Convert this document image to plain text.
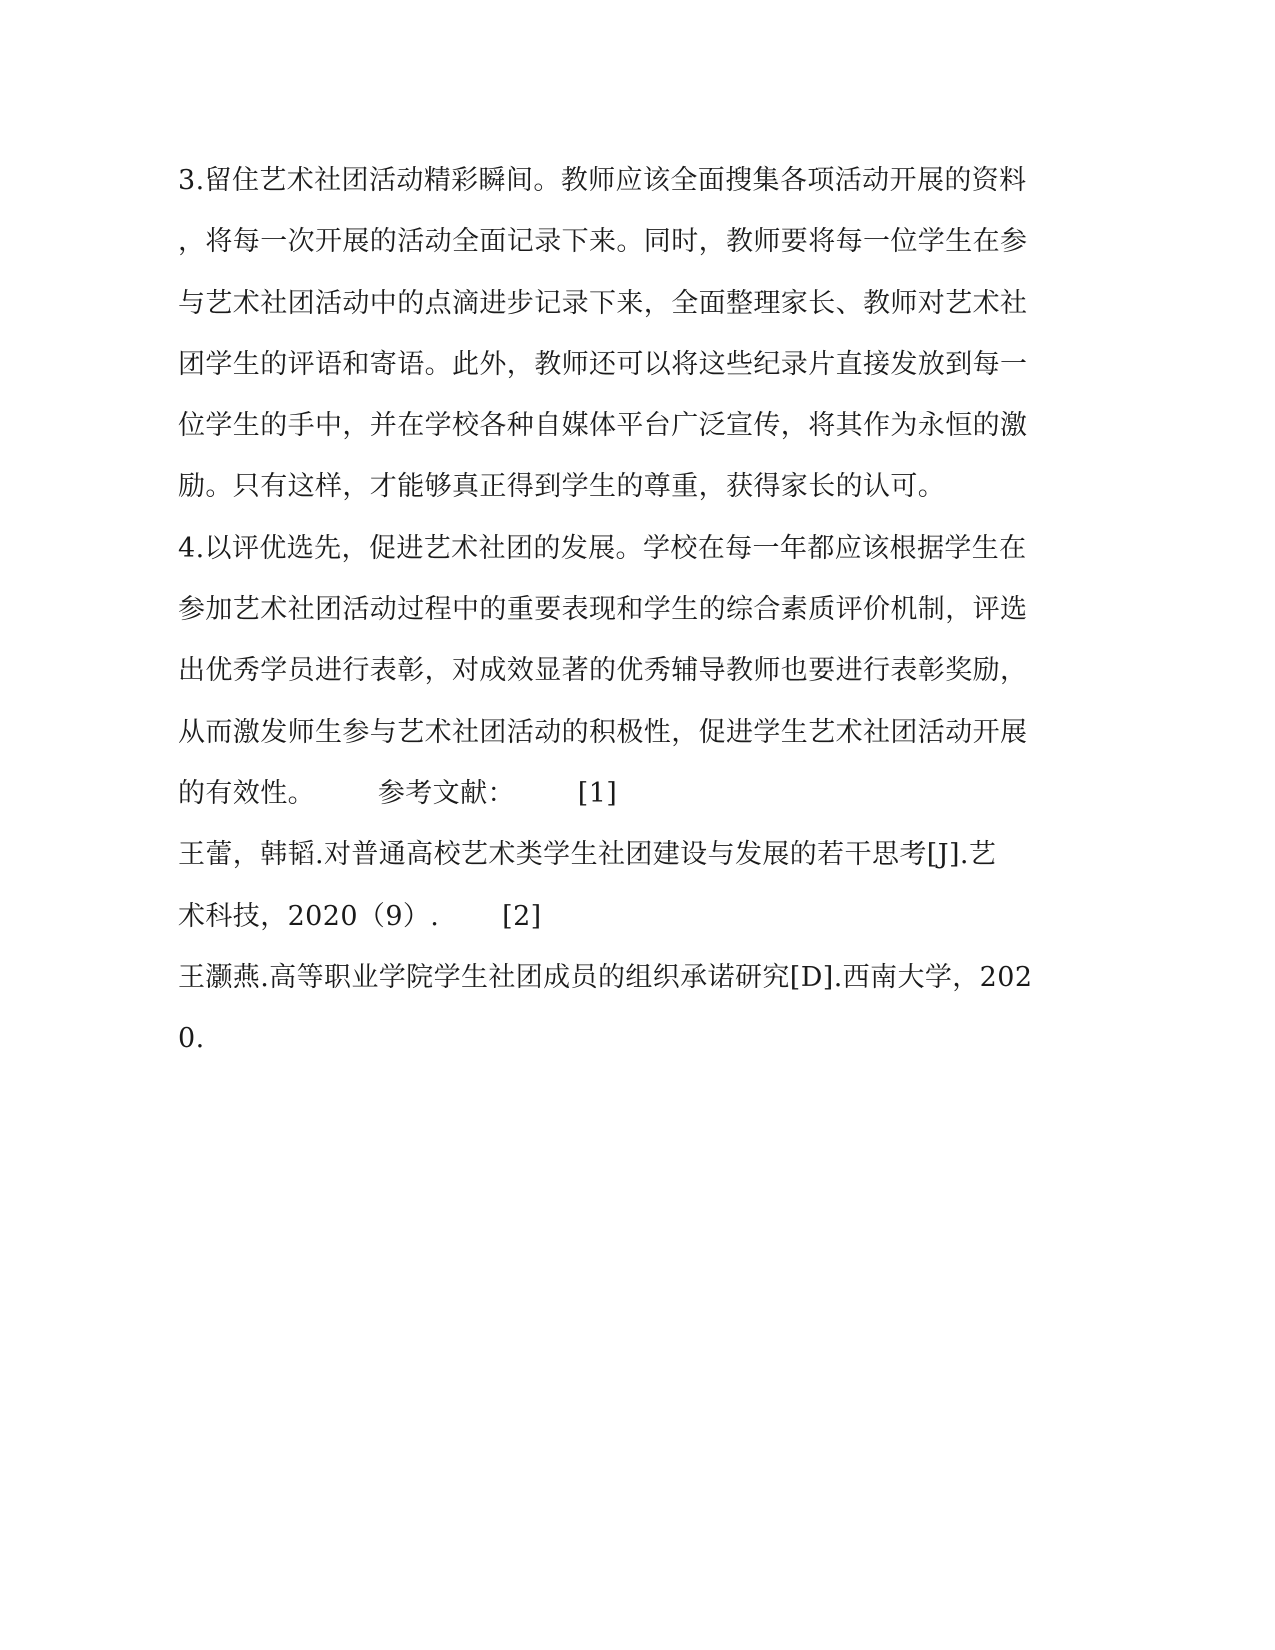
3.留住艺术社团活动精彩瞬间。教师应该全面搜集各项活动开展的资料
，将每一次开展的活动全面记录下来。同时，教师要将每一位学生在参
与艺术社团活动中的点滴进步记录下来，全面整理家长、教师对艺术社
团学生的评语和寄语。此外，教师还可以将这些纪录片直接发放到每一
位学生的手中，并在学校各种自媒体平台广泛宣传，将其作为永恒的激
励。只有这样，才能够真正得到学生的尊重，获得家长的认可。
4.以评优选先，促进艺术社团的发展。学校在每一年都应该根据学生在
参加艺术社团活动过程中的重要表现和学生的综合素质评价机制，评选
出优秀学员进行表彰，对成效显著的优秀辅导教师也要进行表彰奖励，
从而激发师生参与艺术社团活动的积极性，促进学生艺术社团活动开展
的有效性。       参考文献：       [1]
王蕾，韩韬.对普通高校艺术类学生社团建设与发展的若干思考[J].艺
术科技，2020（9）.       [2]
王灏燕.高等职业学院学生社团成员的组织承诺研究[D].西南大学，202
0.
